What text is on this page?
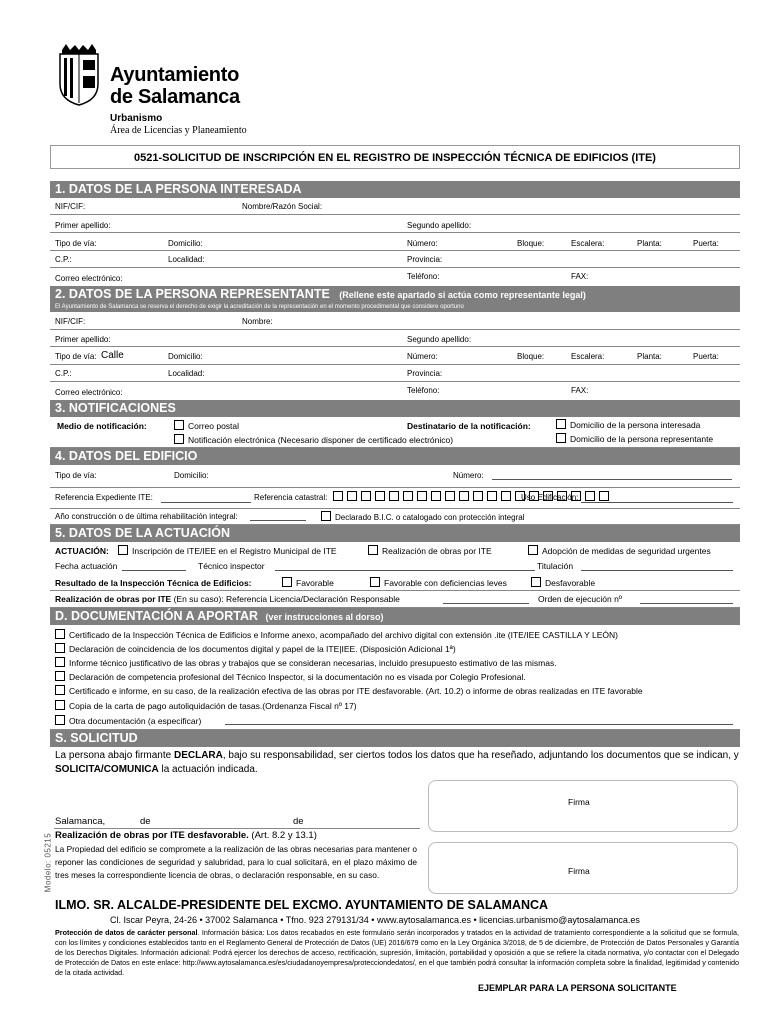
Ayuntamiento
de Salamanca
Urbanismo
Área de Licencias y Planeamiento
0521-SOLICITUD DE INSCRIPCIÓN EN EL REGISTRO DE INSPECCIÓN TÉCNICA DE EDIFICIOS (ITE)
1. DATOS DE LA PERSONA INTERESADA
NIF/CIF:	Nombre/Razón Social:
Primer apellido:	Segundo apellido:
Tipo de vía:	Domicilio:	Número:	Bloque:	Escalera:	Planta:	Puerta:
C.P.:	Localidad:	Provincia:
Correo electrónico:	Teléfono:	FAX:
2. DATOS DE LA PERSONA REPRESENTANTE (Rellene este apartado si actúa como representante legal)
El Ayuntamiento de Salamanca se reserva el derecho de exigir la acreditación de la representación en el momento procedimental que considere oportuno
NIF/CIF:	Nombre:
Primer apellido:	Segundo apellido:
Tipo de vía: Calle	Domicilio:	Número:	Bloque:	Escalera:	Planta:	Puerta:
C.P.:	Localidad:	Provincia:
Correo electrónico:	Teléfono:	FAX:
3. NOTIFICACIONES
Medio de notificación:	Correo postal
Notificación electrónica (Necesario disponer de certificado electrónico)
Destinatario de la notificación:	Domicilio de la persona interesada
Domicilio de la persona representante
4. DATOS DEL EDIFICIO
Tipo de vía:	Domicilio:	Número:
Referencia Expediente ITE:	Referencia catastral:	Uso Edificación:
Año construcción o de última rehabilitación integral:	Declarado B.I.C. o catalogado con protección integral
5. DATOS DE LA ACTUACIÓN
ACTUACIÓN:	Inscripción de ITE/IEE en el Registro Municipal de ITE	Realización de obras por ITE	Adopción de medidas de seguridad urgentes
Fecha actuación	Técnico inspector	Titulación
Resultado de la Inspección Técnica de Edificios:	Favorable	Favorable con deficiencias leves	Desfavorable
Realización de obras por ITE (En su caso): Referencia Licencia/Declaración Responsable	Orden de ejecución nº
D. DOCUMENTACIÓN A APORTAR (ver instrucciones al dorso)
Certificado de la Inspección Técnica de Edificios e Informe anexo, acompañado del archivo digital con extensión .ite (ITE/IEE CASTILLA Y LEÓN)
Declaración de coincidencia de los documentos digital y papel de la ITE|IEE. (Disposición Adicional 1ª)
Informe técnico justificativo de las obras y trabajos que se consideran necesarias, incluido presupuesto estimativo de las mismas.
Declaración de competencia profesional del Técnico Inspector, si la documentación no es visada por Colegio Profesional.
Certificado e informe, en su caso, de la realización efectiva de las obras por ITE desfavorable. (Art. 10.2) o informe de obras realizadas en ITE favorable
Copia de la carta de pago autoliquidación de tasas.(Ordenanza Fiscal nº 17)
Otra documentación (a especificar)
S. SOLICITUD
La persona abajo firmante DECLARA, bajo su responsabilidad, ser ciertos todos los datos que ha reseñado, adjuntando los documentos que se indican, y SOLICITA/COMUNICA la actuación indicada.
Firma
Salamanca,	de	de
Realización de obras por ITE desfavorable. (Art. 8.2 y 13.1)
La Propiedad del edificio se compromete a la realización de las obras necesarias para mantener o reponer las condiciones de seguridad y salubridad, para lo cual solicitará, en el plazo máximo de tres meses la correspondiente licencia de obras, o declaración responsable, en su caso.	Firma
Modelo: 05215
ILMO. SR. ALCALDE-PRESIDENTE DEL EXCMO. AYUNTAMIENTO DE SALAMANCA
Cl. Iscar Peyra, 24-26 • 37002 Salamanca • Tfno. 923 279131/34 • www.aytosalamanca.es • licencias.urbanismo@aytosalamanca.es
Protección de datos de carácter personal. Información básica: Los datos recabados en este formulario serán incorporados y tratados en la actividad de tratamiento correspondiente a la solicitud que se formula, con los límites y condiciones establecidos tanto en el Reglamento General de Protección de Datos (UE) 2016/679 como en la Ley Orgánica 3/2018, de 5 de diciembre, de Protección de Datos Personales y Garantía de los Derechos Digitales. Información adicional: Podrá ejercer los derechos de acceso, rectificación, supresión, limitación, portabilidad y oposición a que se refiere la citada normativa, y/o contactar con el Delegado de Protección de Datos en este enlace: http://www.aytosalamanca.es/es/ciudadanoyempresa/protecciondedatos/, en el que también podrá consultar la información completa sobre la finalidad, legitimidad y contenido de la citada actividad.
EJEMPLAR PARA LA PERSONA SOLICITANTE
